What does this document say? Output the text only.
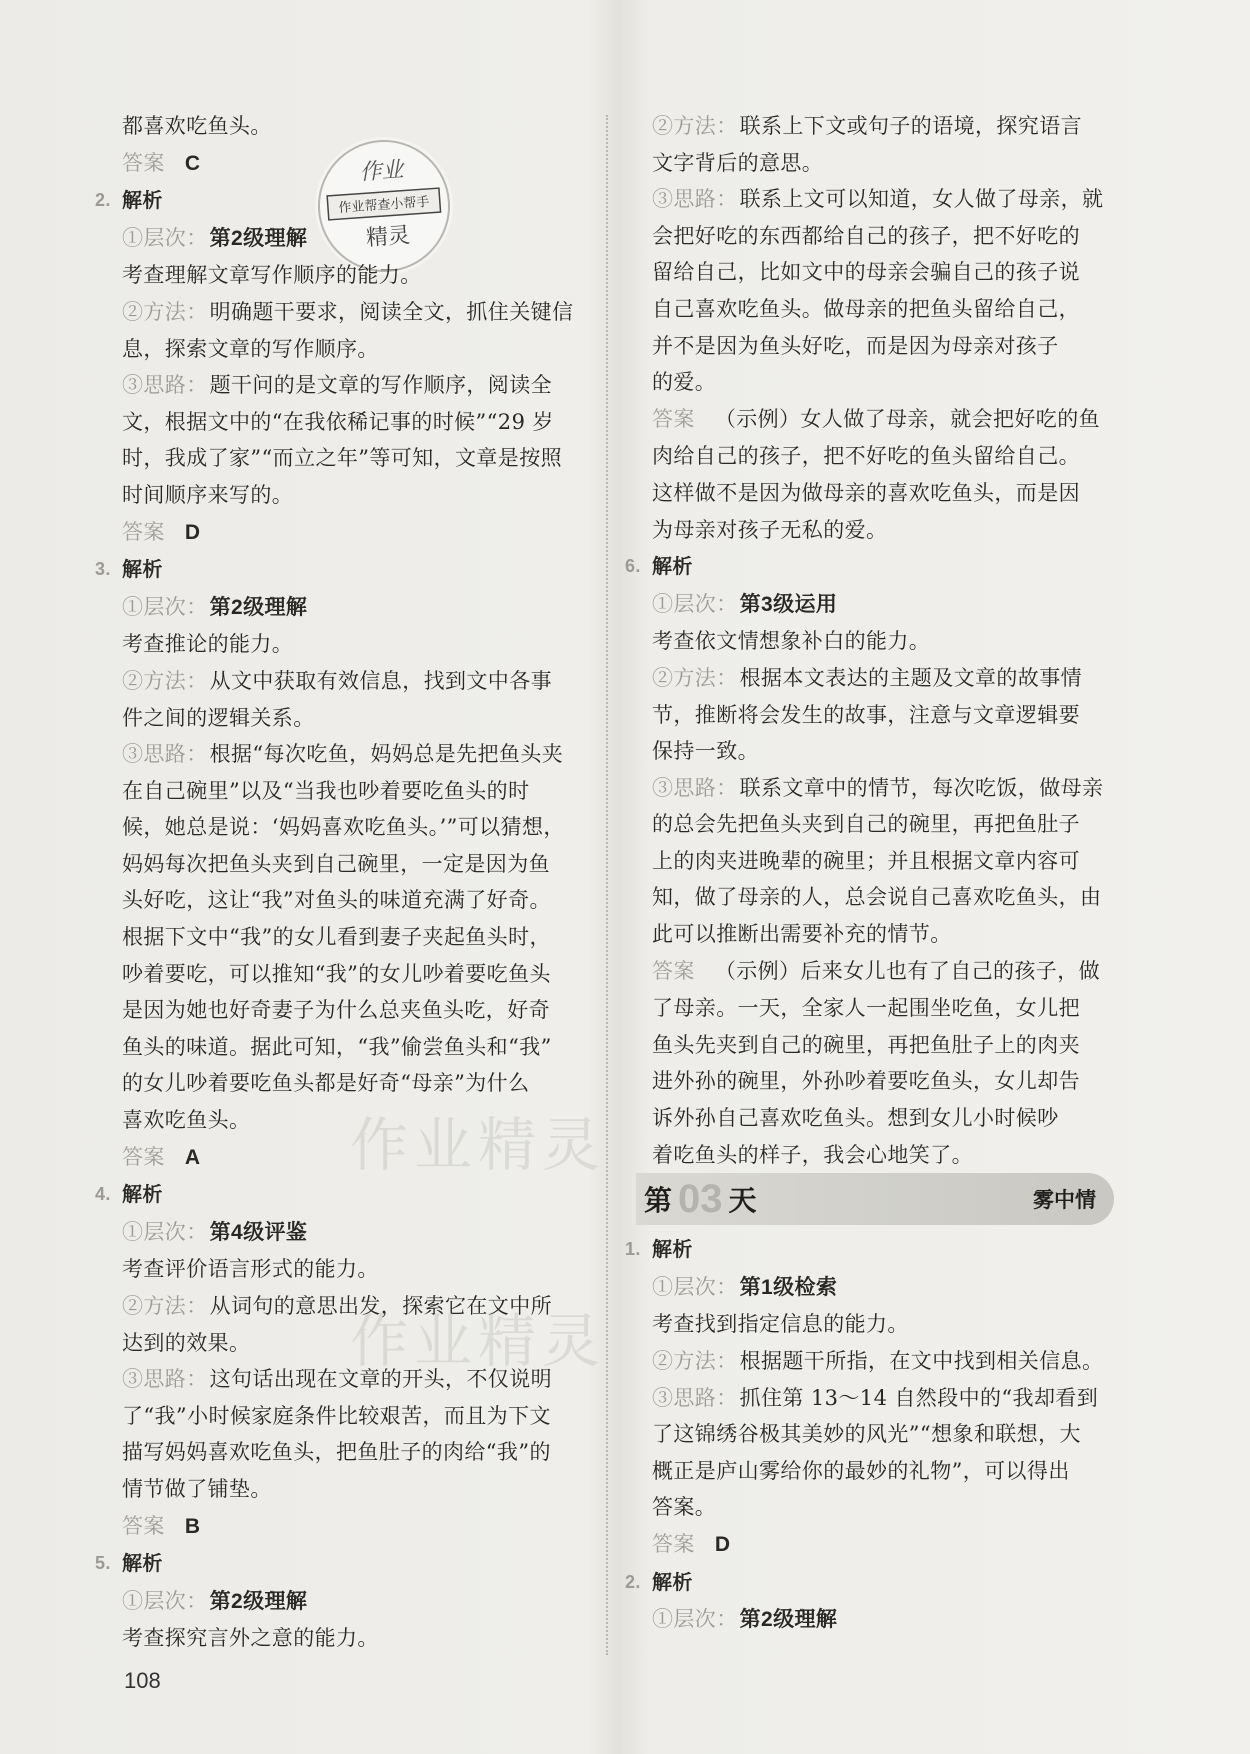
作业精灵
作业精灵
作业
作业帮查小帮手
精灵
都喜欢吃鱼头。
答案 C
2. 解析
①层次：第2级理解
考查理解文章写作顺序的能力。
②方法：明确题干要求，阅读全文，抓住关键信
息，探索文章的写作顺序。
③思路：题干问的是文章的写作顺序，阅读全
文，根据文中的“在我依稀记事的时候”“29 岁
时，我成了家”“而立之年”等可知，文章是按照
时间顺序来写的。
答案 D
3. 解析
①层次：第2级理解
考查推论的能力。
②方法：从文中获取有效信息，找到文中各事
件之间的逻辑关系。
③思路：根据“每次吃鱼，妈妈总是先把鱼头夹
在自己碗里”以及“当我也吵着要吃鱼头的时
候，她总是说：‘妈妈喜欢吃鱼头。’”可以猜想，
妈妈每次把鱼头夹到自己碗里，一定是因为鱼
头好吃，这让“我”对鱼头的味道充满了好奇。
根据下文中“我”的女儿看到妻子夹起鱼头时，
吵着要吃，可以推知“我”的女儿吵着要吃鱼头
是因为她也好奇妻子为什么总夹鱼头吃，好奇
鱼头的味道。据此可知，“我”偷尝鱼头和“我”
的女儿吵着要吃鱼头都是好奇“母亲”为什么
喜欢吃鱼头。
答案 A
4. 解析
①层次：第4级评鉴
考查评价语言形式的能力。
②方法：从词句的意思出发，探索它在文中所
达到的效果。
③思路：这句话出现在文章的开头，不仅说明
了“我”小时候家庭条件比较艰苦，而且为下文
描写妈妈喜欢吃鱼头，把鱼肚子的肉给“我”的
情节做了铺垫。
答案 B
5. 解析
①层次：第2级理解
考查探究言外之意的能力。
②方法：联系上下文或句子的语境，探究语言
文字背后的意思。
③思路：联系上文可以知道，女人做了母亲，就
会把好吃的东西都给自己的孩子，把不好吃的
留给自己，比如文中的母亲会骗自己的孩子说
自己喜欢吃鱼头。做母亲的把鱼头留给自己，
并不是因为鱼头好吃，而是因为母亲对孩子
的爱。
答案 （示例）女人做了母亲，就会把好吃的鱼
肉给自己的孩子，把不好吃的鱼头留给自己。
这样做不是因为做母亲的喜欢吃鱼头，而是因
为母亲对孩子无私的爱。
6. 解析
①层次：第3级运用
考查依文情想象补白的能力。
②方法：根据本文表达的主题及文章的故事情
节，推断将会发生的故事，注意与文章逻辑要
保持一致。
③思路：联系文章中的情节，每次吃饭，做母亲
的总会先把鱼头夹到自己的碗里，再把鱼肚子
上的肉夹进晚辈的碗里；并且根据文章内容可
知，做了母亲的人，总会说自己喜欢吃鱼头，由
此可以推断出需要补充的情节。
答案 （示例）后来女儿也有了自己的孩子，做
了母亲。一天，全家人一起围坐吃鱼，女儿把
鱼头先夹到自己的碗里，再把鱼肚子上的肉夹
进外孙的碗里，外孙吵着要吃鱼头，女儿却告
诉外孙自己喜欢吃鱼头。想到女儿小时候吵
着吃鱼头的样子，我会心地笑了。
第 03 天	雾中情
1. 解析
①层次：第1级检索
考查找到指定信息的能力。
②方法：根据题干所指，在文中找到相关信息。
③思路：抓住第 13～14 自然段中的“我却看到
了这锦绣谷极其美妙的风光”“想象和联想，大
概正是庐山雾给你的最妙的礼物”，可以得出
答案。
答案 D
2. 解析
①层次：第2级理解
108
